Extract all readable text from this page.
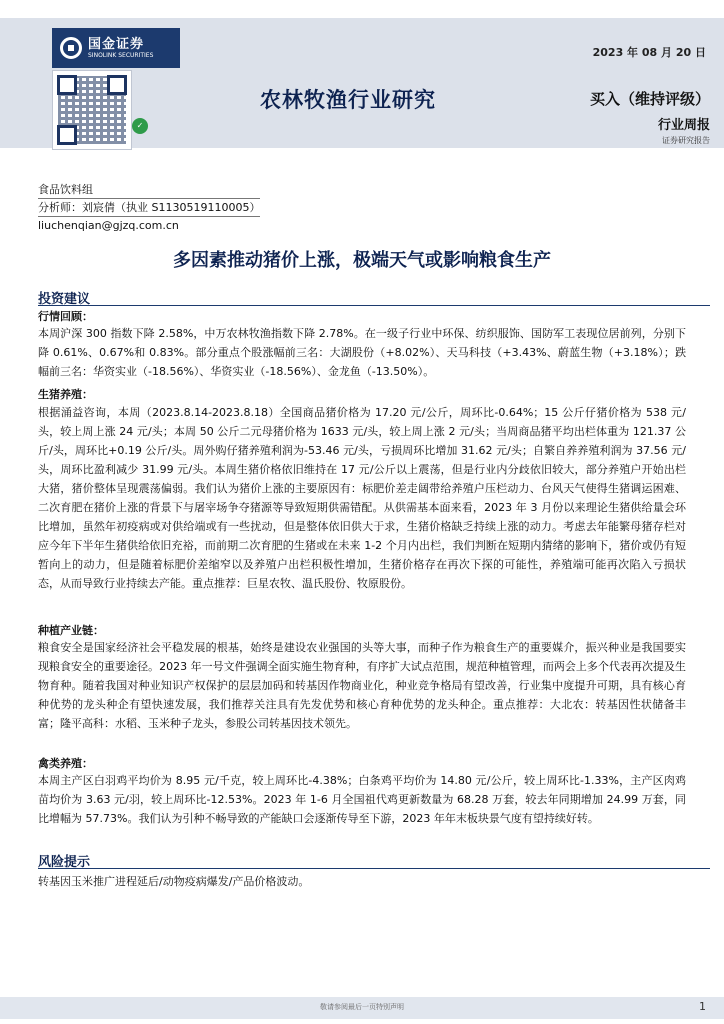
国金证券
SINOLINK SECURITIES
✓
2023 年 08 月 20 日
农林牧渔行业研究	买入（维持评级）
行业周报
证券研究报告
食品饮料组
分析师：刘宸倩（执业 S1130519110005）
liuchenqian@gjzq.com.cn
多因素推动猪价上涨，极端天气或影响粮食生产
投资建议
行情回顾：
本周沪深 300 指数下降 2.58%，中万农林牧渔指数下降 2.78%。在一级子行业中环保、纺织服饰、国防军工表现位居前列，分别下降 0.61%、0.67%和 0.83%。部分重点个股涨幅前三名：大湖股份（+8.02%）、天马科技（+3.43%、蔚蓝生物（+3.18%）；跌幅前三名：华资实业（-18.56%）、华资实业（-18.56%）、金龙鱼（-13.50%）。
生猪养殖：
根据涌益咨询，本周（2023.8.14-2023.8.18）全国商品猪价格为 17.20 元/公斤，周环比-0.64%；15 公斤仔猪价格为 538 元/头，较上周上涨 24 元/头；本周 50 公斤二元母猪价格为 1633 元/头，较上周上涨 2 元/头；当周商品猪平均出栏体重为 121.37 公斤/头，周环比+0.19 公斤/头。周外购仔猪养殖利润为-53.46 元/头，亏损周环比增加 31.62 元/头；自繁自养养殖利润为 37.56 元/头，周环比盈利减少 31.99 元/头。本周生猪价格依旧维持在 17 元/公斤以上震荡，但是行业内分歧依旧较大，部分养殖户开始出栏大猪，猪价整体呈现震荡偏弱。我们认为猪价上涨的主要原因有：标肥价差走阔带给养殖户压栏动力、台风天气使得生猪调运困难、二次育肥在猪价上涨的背景下与屠宰场争夺猪源等导致短期供需错配。从供需基本面来看，2023 年 3 月份以来理论生猪供给量会环比增加，虽然年初疫病或对供给端或有一些扰动，但是整体依旧供大于求，生猪价格缺乏持续上涨的动力。考虑去年能繁母猪存栏对应今年下半年生猪供给依旧充裕，而前期二次育肥的生猪或在未来 1-2 个月内出栏，我们判断在短期内猜绪的影响下，猪价或仍有短暂向上的动力，但是随着标肥价差缩窄以及养殖户出栏积极性增加，生猪价格存在再次下探的可能性，养殖端可能再次陷入亏损状态，从而导致行业持续去产能。重点推荐：巨星农牧、温氏股份、牧原股份。
种植产业链：
粮食安全是国家经济社会平稳发展的根基，始终是建设农业强国的头等大事，而种子作为粮食生产的重要媒介，振兴种业是我国要实现粮食安全的重要途径。2023 年一号文件强调全面实施生物育种，有序扩大试点范围，规范种植管理，而两会上多个代表再次提及生物育种。随着我国对种业知识产权保护的层层加码和转基因作物商业化，种业竞争格局有望改善，行业集中度提升可期，具有核心育种优势的龙头种企有望快速发展，我们推荐关注具有先发优势和核心育种优势的龙头种企。重点推荐：大北农：转基因性状储备丰富；隆平高科：水稻、玉米种子龙头，参股公司转基因技术领先。
禽类养殖：
本周主产区白羽鸡平均价为 8.95 元/千克，较上周环比-4.38%；白条鸡平均价为 14.80 元/公斤，较上周环比-1.33%，主产区肉鸡苗均价为 3.63 元/羽，较上周环比-12.53%。2023 年 1-6 月全国祖代鸡更新数量为 68.28 万套，较去年同期增加 24.99 万套，同比增幅为 57.73%。我们认为引种不畅导致的产能缺口会逐渐传导至下游，2023 年年末板块景气度有望持续好转。
风险提示
转基因玉米推广进程延后/动物疫病爆发/产品价格波动。
敬请参阅最后一页特别声明	1
